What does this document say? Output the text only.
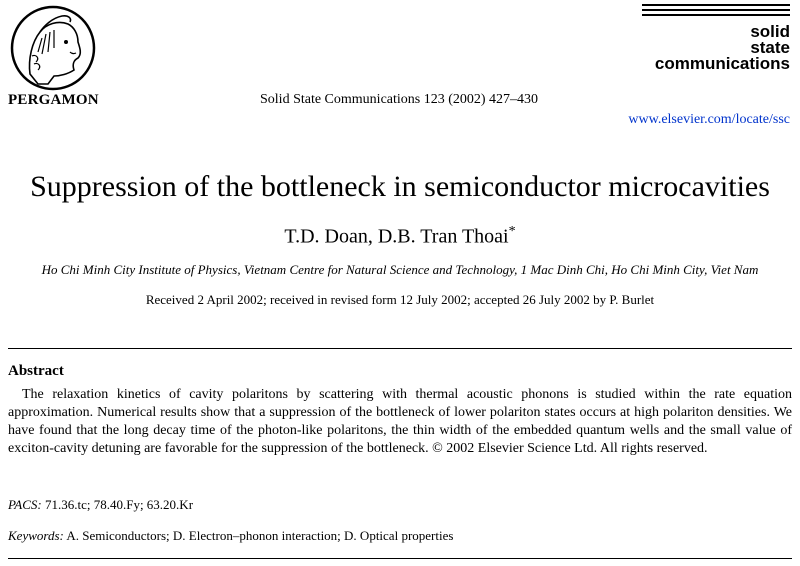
PERGAMON	Solid State Communications 123 (2002) 427–430
solid
state
communications
www.elsevier.com/locate/ssc
Suppression of the bottleneck in semiconductor microcavities
T.D. Doan, D.B. Tran Thoai*
Ho Chi Minh City Institute of Physics, Vietnam Centre for Natural Science and Technology, 1 Mac Dinh Chi, Ho Chi Minh City, Viet Nam
Received 2 April 2002; received in revised form 12 July 2002; accepted 26 July 2002 by P. Burlet
Abstract
The relaxation kinetics of cavity polaritons by scattering with thermal acoustic phonons is studied within the rate equation approximation. Numerical results show that a suppression of the bottleneck of lower polariton states occurs at high polariton densities. We have found that the long decay time of the photon-like polaritons, the thin width of the embedded quantum wells and the small value of exciton-cavity detuning are favorable for the suppression of the bottleneck. © 2002 Elsevier Science Ltd. All rights reserved.
PACS: 71.36.tc; 78.40.Fy; 63.20.Kr
Keywords: A. Semiconductors; D. Electron–phonon interaction; D. Optical properties
